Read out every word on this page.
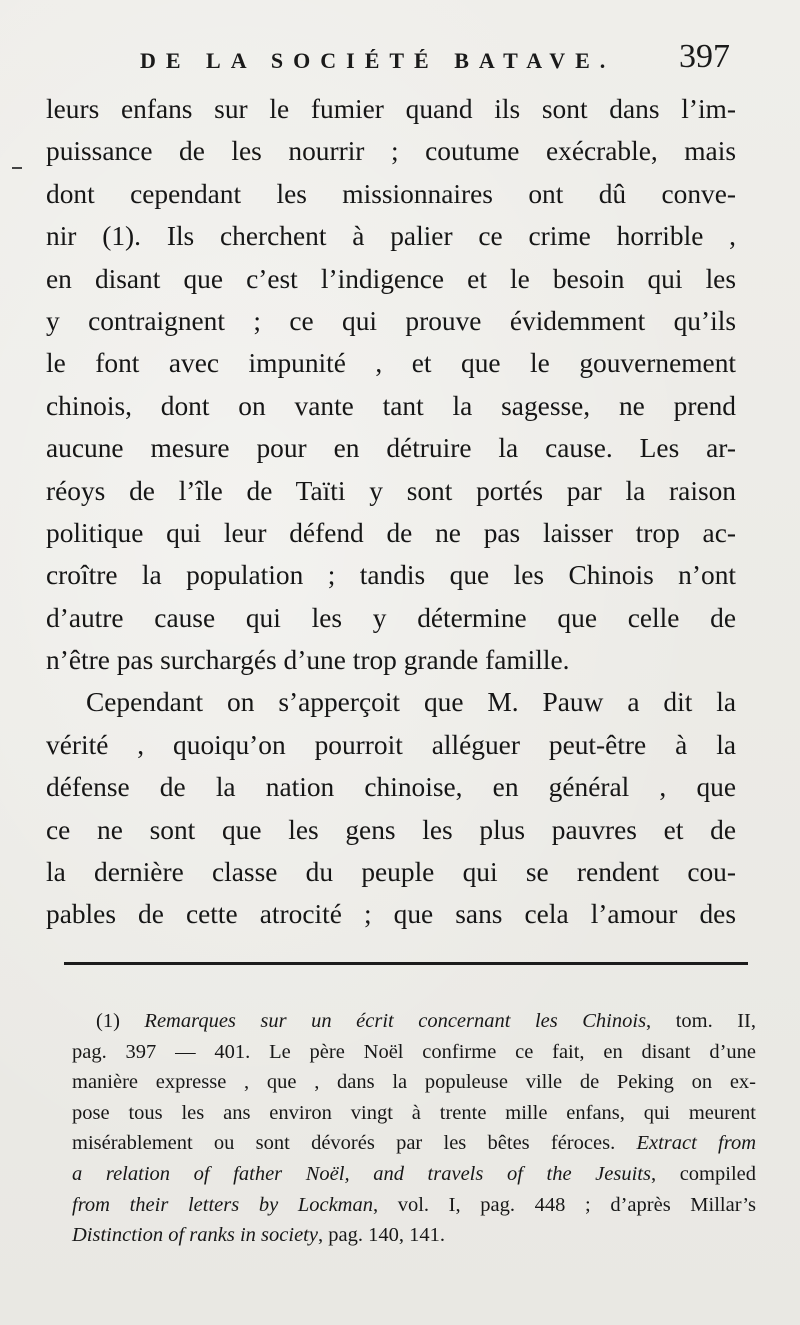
DE LA SOCIÉTÉ BATAVE. 397
leurs enfans sur le fumier quand ils sont dans l’im-
puissance de les nourrir ; coutume exécrable, mais
dont cependant les missionnaires ont dû conve-
nir (1). Ils cherchent à palier ce crime horrible ,
en disant que c’est l’indigence et le besoin qui les
y contraignent ; ce qui prouve évidemment qu’ils
le font avec impunité , et que le gouvernement
chinois, dont on vante tant la sagesse, ne prend
aucune mesure pour en détruire la cause. Les ar-
réoys de l’île de Taïti y sont portés par la raison
politique qui leur défend de ne pas laisser trop ac-
croître la population ; tandis que les Chinois n’ont
d’autre cause qui les y détermine que celle de
n’être pas surchargés d’une trop grande famille.
Cependant on s’apperçoit que M. Pauw a dit la
vérité , quoiqu’on pourroit alléguer peut-être à la
défense de la nation chinoise, en général , que
ce ne sont que les gens les plus pauvres et de
la dernière classe du peuple qui se rendent cou-
pables de cette atrocité ; que sans cela l’amour des
(1) Remarques sur un écrit concernant les Chinois, tom. II,
pag. 397 — 401. Le père Noël confirme ce fait, en disant d’une
manière expresse , que , dans la populeuse ville de Peking on ex-
pose tous les ans environ vingt à trente mille enfans, qui meurent
misérablement ou sont dévorés par les bêtes féroces. Extract from
a relation of father Noël, and travels of the Jesuits, compiled
from their letters by Lockman, vol. I, pag. 448 ; d’après Millar’s
Distinction of ranks in society, pag. 140, 141.
